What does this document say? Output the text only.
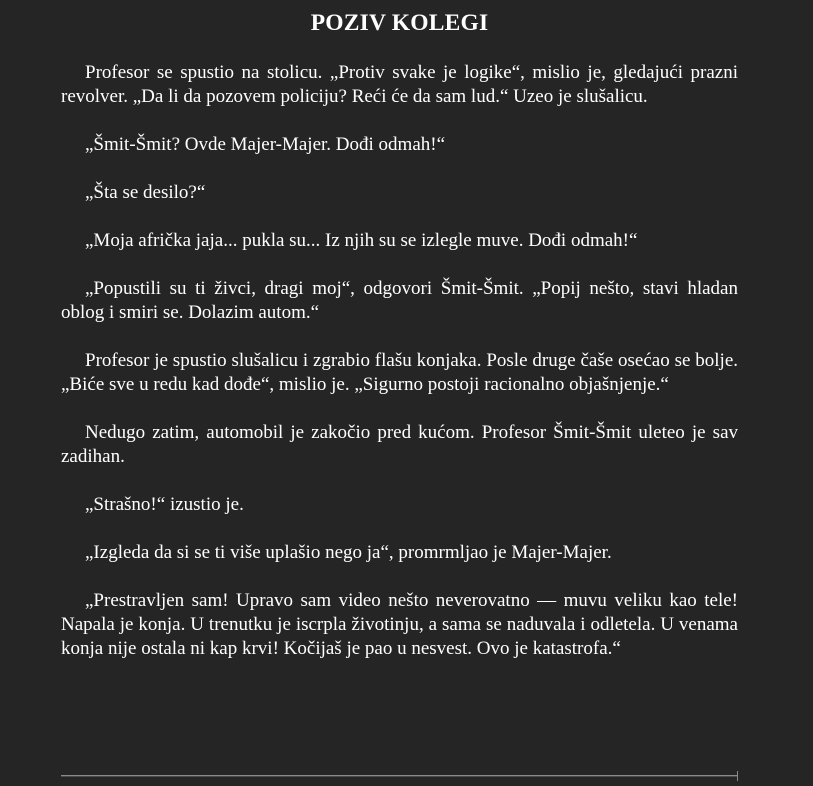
POZIV KOLEGI

Profesor se spustio na stolicu. „Protiv svake je logike“, mislio je, gledajući prazni revolver. „Da li da pozovem policiju? Reći će da sam lud.“ Uzeo je slušalicu.

„Šmit-Šmit? Ovde Majer-Majer. Dođi odmah!“

„Šta se desilo?“

„Moja afrička jaja... pukla su... Iz njih su se izlegle muve. Dođi odmah!“

„Popustili su ti živci, dragi moj“, odgovori Šmit-Šmit. „Popij nešto, stavi hladan oblog i smiri se. Dolazim autom.“

Profesor je spustio slušalicu i zgrabio flašu konjaka. Posle druge čaše osećao se bolje. „Biće sve u redu kad dođe“, mislio je. „Sigurno postoji racionalno objašnjenje.“

Nedugo zatim, automobil je zakočio pred kućom. Profesor Šmit-Šmit uleteo je sav zadihan.

„Strašno!“ izustio je.

„Izgleda da si se ti više uplašio nego ja“, promrmljao je Majer-Majer.

„Prestravljen sam! Upravo sam video nešto neverovatno — muvu veliku kao tele! Napala je konja. U trenutku je iscrpla životinju, a sama se naduvala i odletela. U venama konja nije ostala ni kap krvi! Kočijaš je pao u nesvest. Ovo je katastrofa.“
